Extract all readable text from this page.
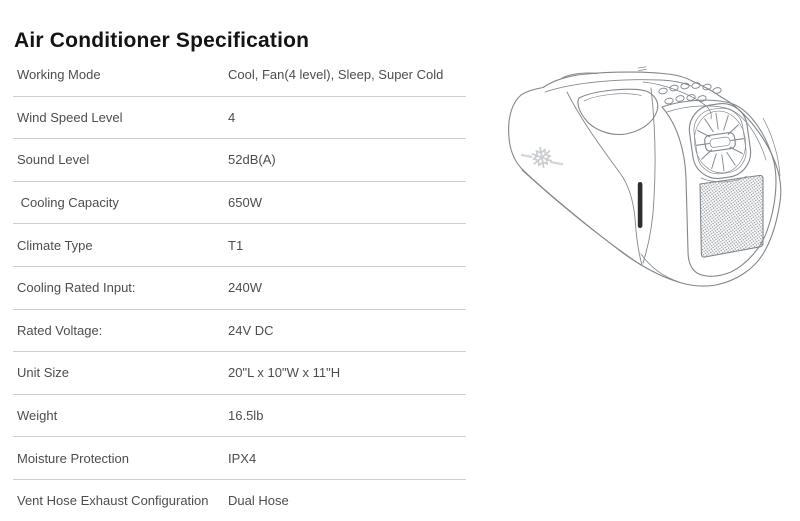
Air Conditioner Specification
Working Mode	Cool, Fan(4 level), Sleep, Super Cold
Wind Speed Level	4
Sound Level	52dB(A)
Cooling Capacity	650W
Climate Type	T1
Cooling Rated Input:	240W
Rated Voltage:	24V DC
Unit Size	20"L x 10"W x 11"H
Weight	16.5lb
Moisture Protection	IPX4
Vent Hose Exhaust Configuration	Dual Hose
❅
